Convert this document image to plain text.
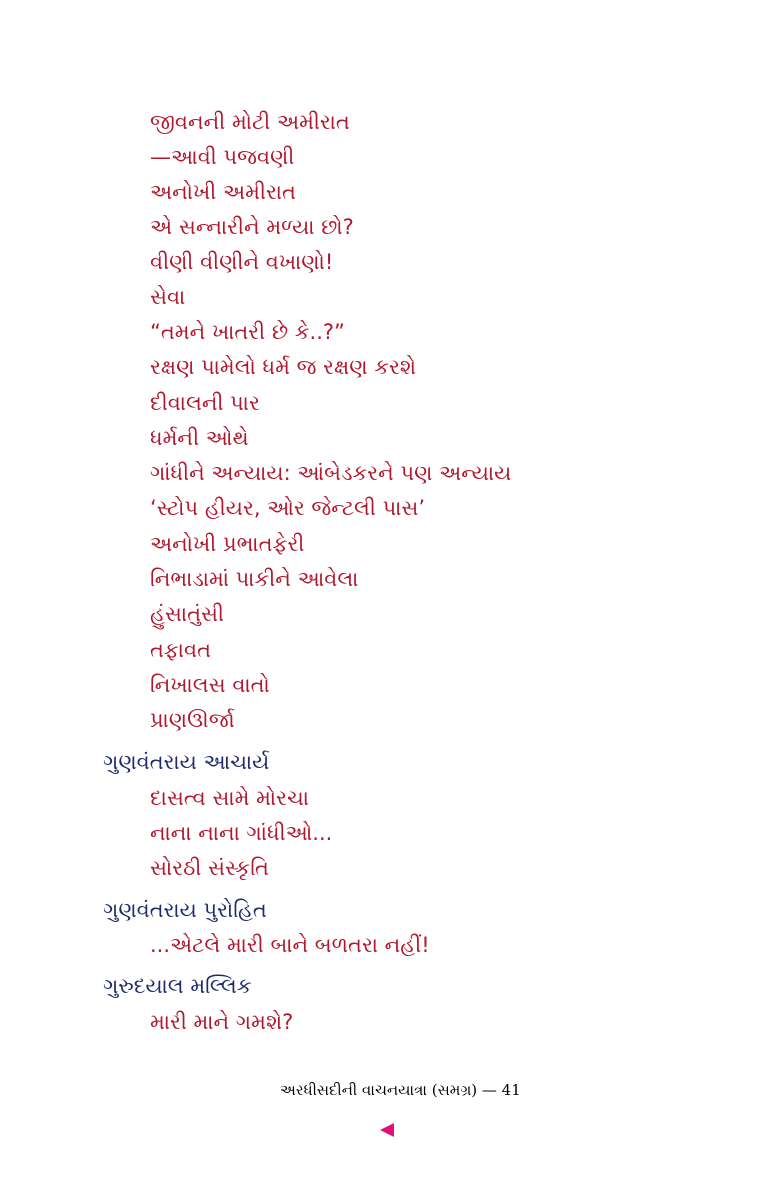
જીવનની મોટી અમીરાત
—આવી પજવણી
અનોખી અમીરાત
એ સન્નારીને મળ્યા છો?
વીણી વીણીને વખાણો!
સેવા
“તમને ખાતરી છે કે..?”
રક્ષણ પામેલો ધર્મ જ રક્ષણ કરશે
દીવાલની પાર
ધર્મની ઓથે
ગાંધીને અન્યાય: આંબેડકરને પણ અન્યાય
‘સ્ટોપ હીયર, ઓર જેન્ટલી પાસ’
અનોખી પ્રભાતફેરી
નિભાડામાં પાકીને આવેલા
હુંસાતુંસી
તફાવત
નિખાલસ વાતો
પ્રાણઊર્જા
ગુણવંતરાય આચાર્ય
દાસત્વ સામે મોરચા
નાના નાના ગાંધીઓ...
સોરઠી સંસ્કૃતિ
ગુણવંતરાય પુરોહિત
...એટલે મારી બાને બળતરા નહીં!
ગુરુદયાલ મલ્લિક
મારી માને ગમશે?
અરધીસદીની વાચનયાત્રા (સમગ્ર) — 41
